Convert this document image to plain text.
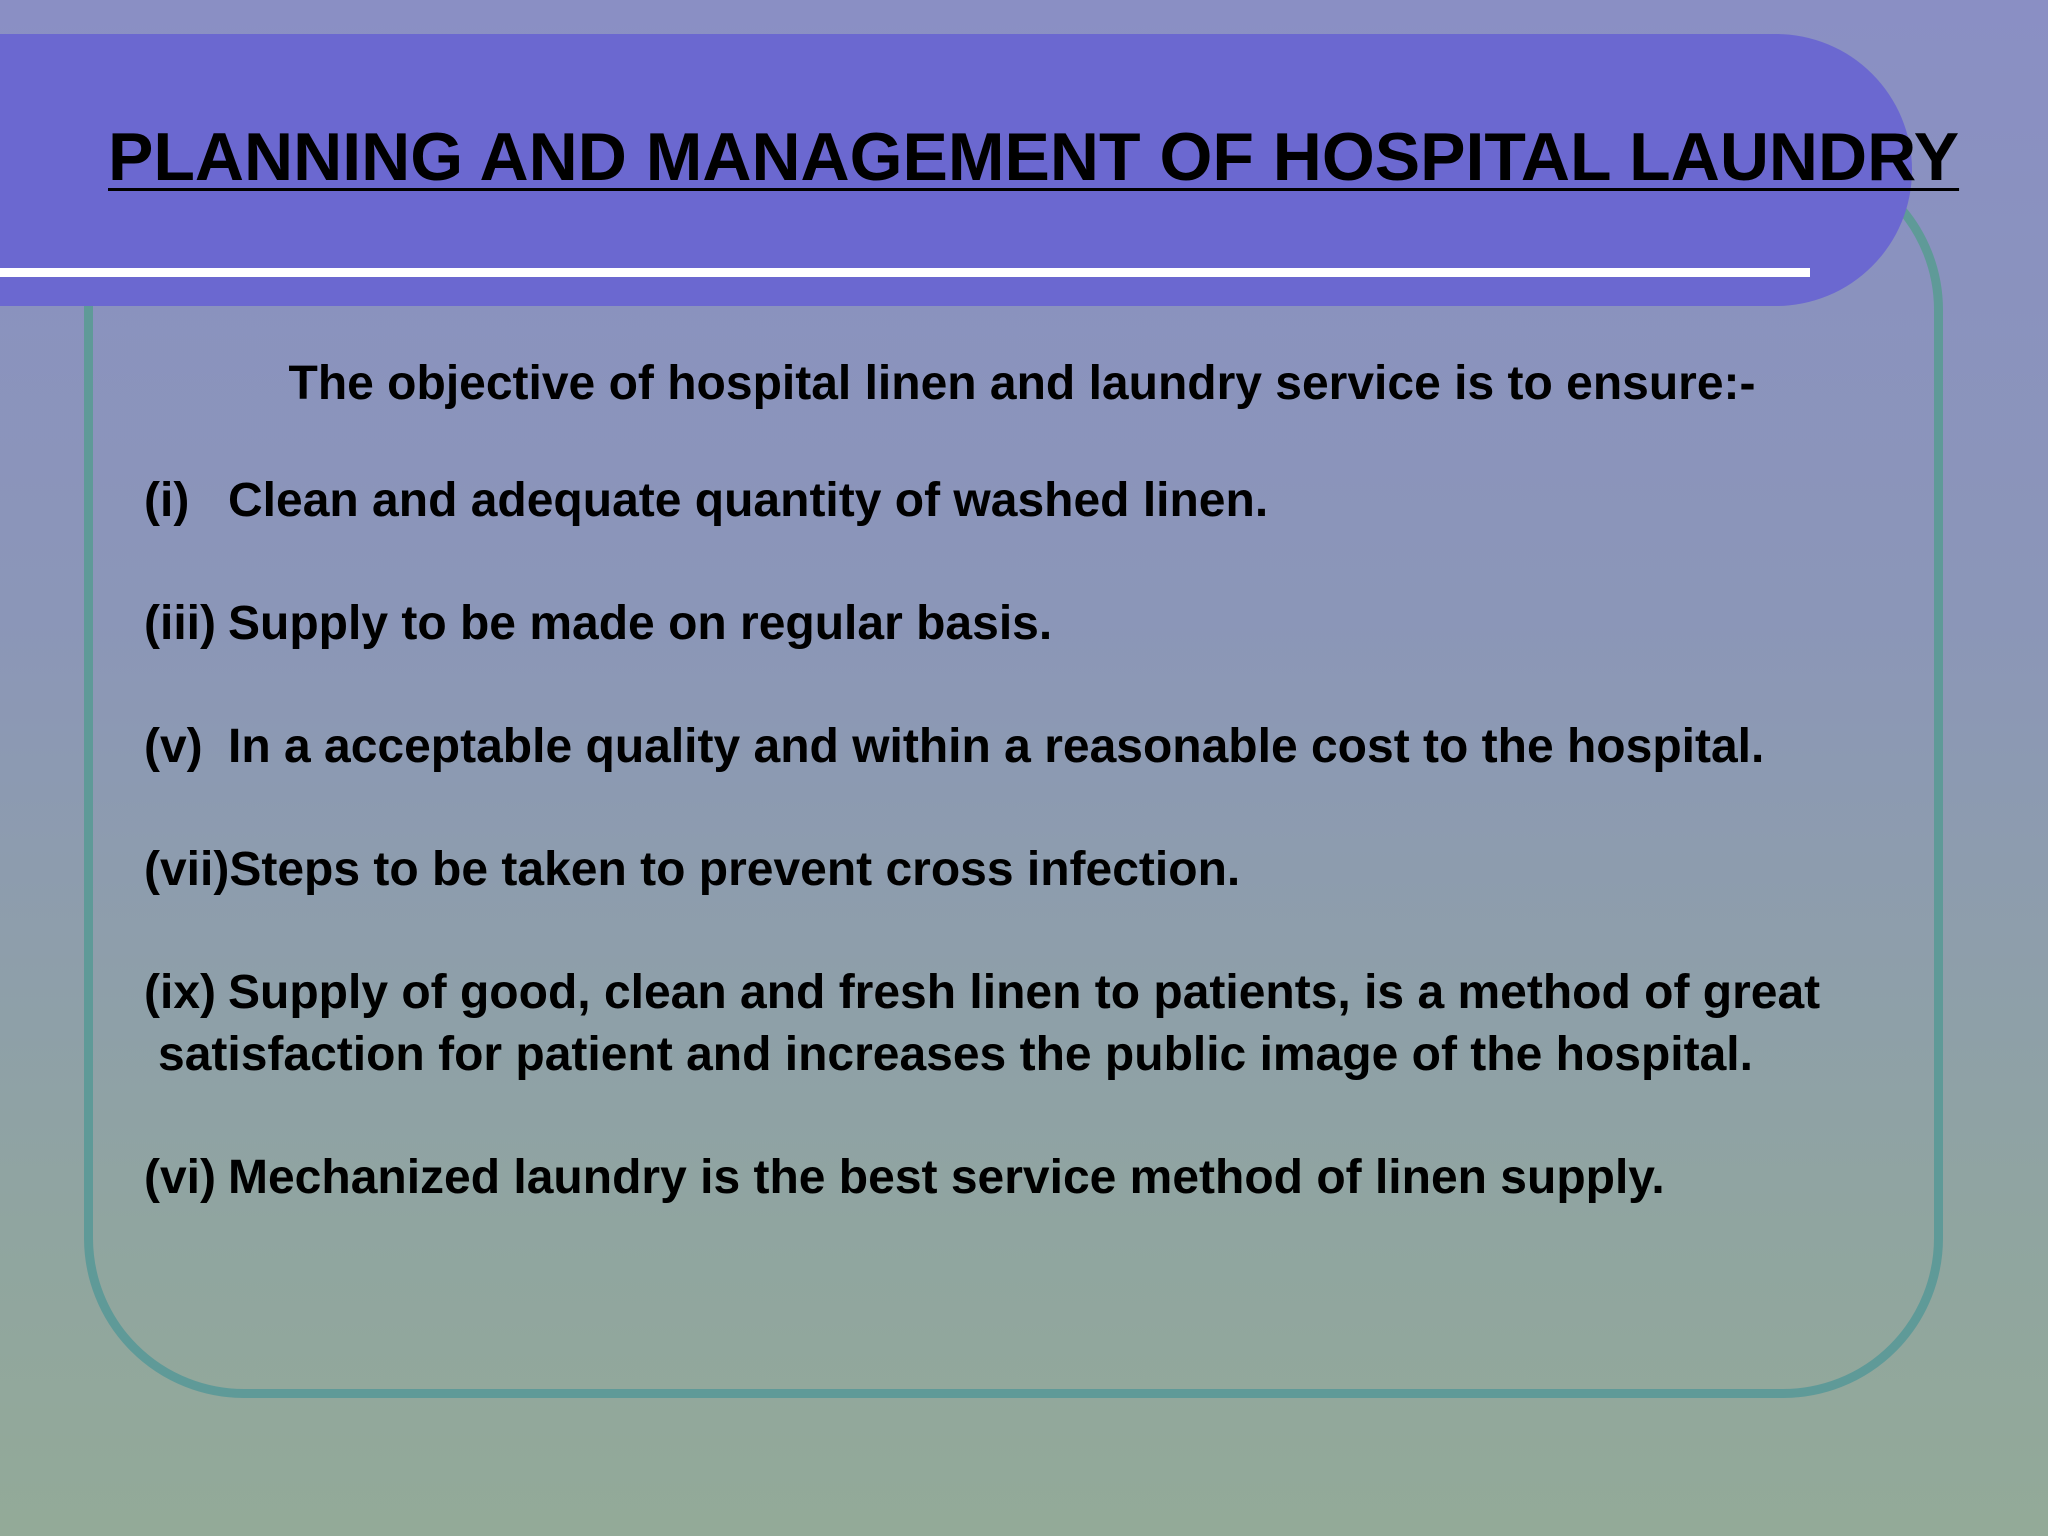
PLANNING AND MANAGEMENT OF HOSPITAL LAUNDRY

The objective of hospital linen and laundry service is to ensure:-

(i) Clean and adequate quantity of washed linen.
(iii) Supply to be made on regular basis.
(v) In a acceptable quality and within a reasonable cost to the hospital.
(vii)Steps to be taken to prevent cross infection.
(ix) Supply of good, clean and fresh linen to patients, is a method of great
satisfaction for patient and increases the public image of the hospital.
(vi) Mechanized laundry is the best service method of linen supply.
